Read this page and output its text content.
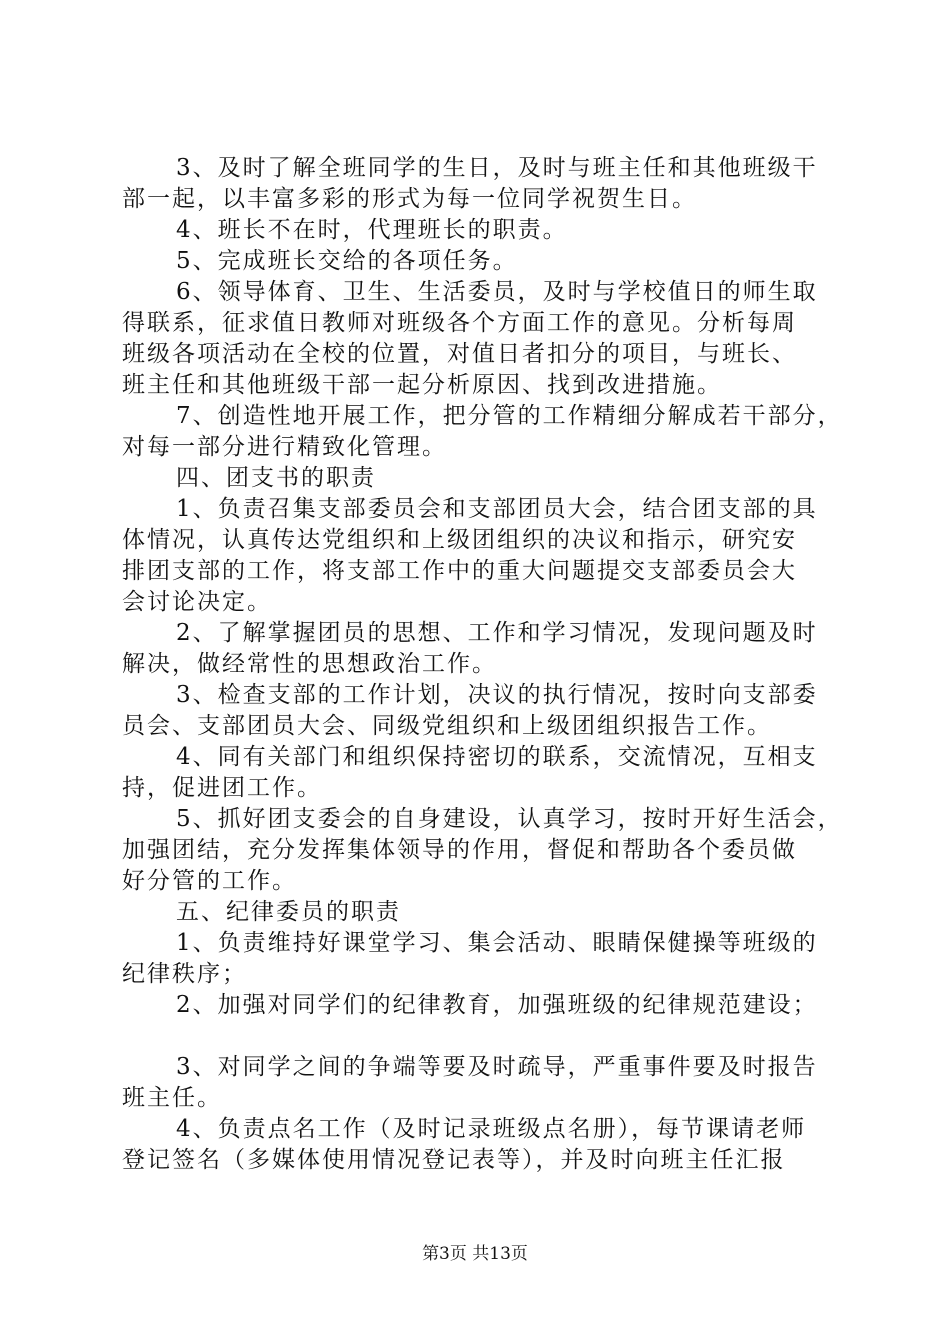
3、及时了解全班同学的生日，及时与班主任和其他班级干
部一起，以丰富多彩的形式为每一位同学祝贺生日。
4、班长不在时，代理班长的职责。
5、完成班长交给的各项任务。
6、领导体育、卫生、生活委员，及时与学校值日的师生取
得联系，征求值日教师对班级各个方面工作的意见。分析每周
班级各项活动在全校的位置，对值日者扣分的项目，与班长、
班主任和其他班级干部一起分析原因、找到改进措施。
7、创造性地开展工作，把分管的工作精细分解成若干部分，
对每一部分进行精致化管理。
四、团支书的职责
1、负责召集支部委员会和支部团员大会，结合团支部的具
体情况，认真传达党组织和上级团组织的决议和指示，研究安
排团支部的工作，将支部工作中的重大问题提交支部委员会大
会讨论决定。
2、了解掌握团员的思想、工作和学习情况，发现问题及时
解决，做经常性的思想政治工作。
3、检查支部的工作计划，决议的执行情况，按时向支部委
员会、支部团员大会、同级党组织和上级团组织报告工作。
4、同有关部门和组织保持密切的联系，交流情况，互相支
持，促进团工作。
5、抓好团支委会的自身建设，认真学习，按时开好生活会，
加强团结，充分发挥集体领导的作用，督促和帮助各个委员做
好分管的工作。
五、纪律委员的职责
1、负责维持好课堂学习、集会活动、眼睛保健操等班级的
纪律秩序；
2、加强对同学们的纪律教育，加强班级的纪律规范建设；
3、对同学之间的争端等要及时疏导，严重事件要及时报告
班主任。
4、负责点名工作（及时记录班级点名册），每节课请老师
登记签名（多媒体使用情况登记表等），并及时向班主任汇报
第3页 共13页
